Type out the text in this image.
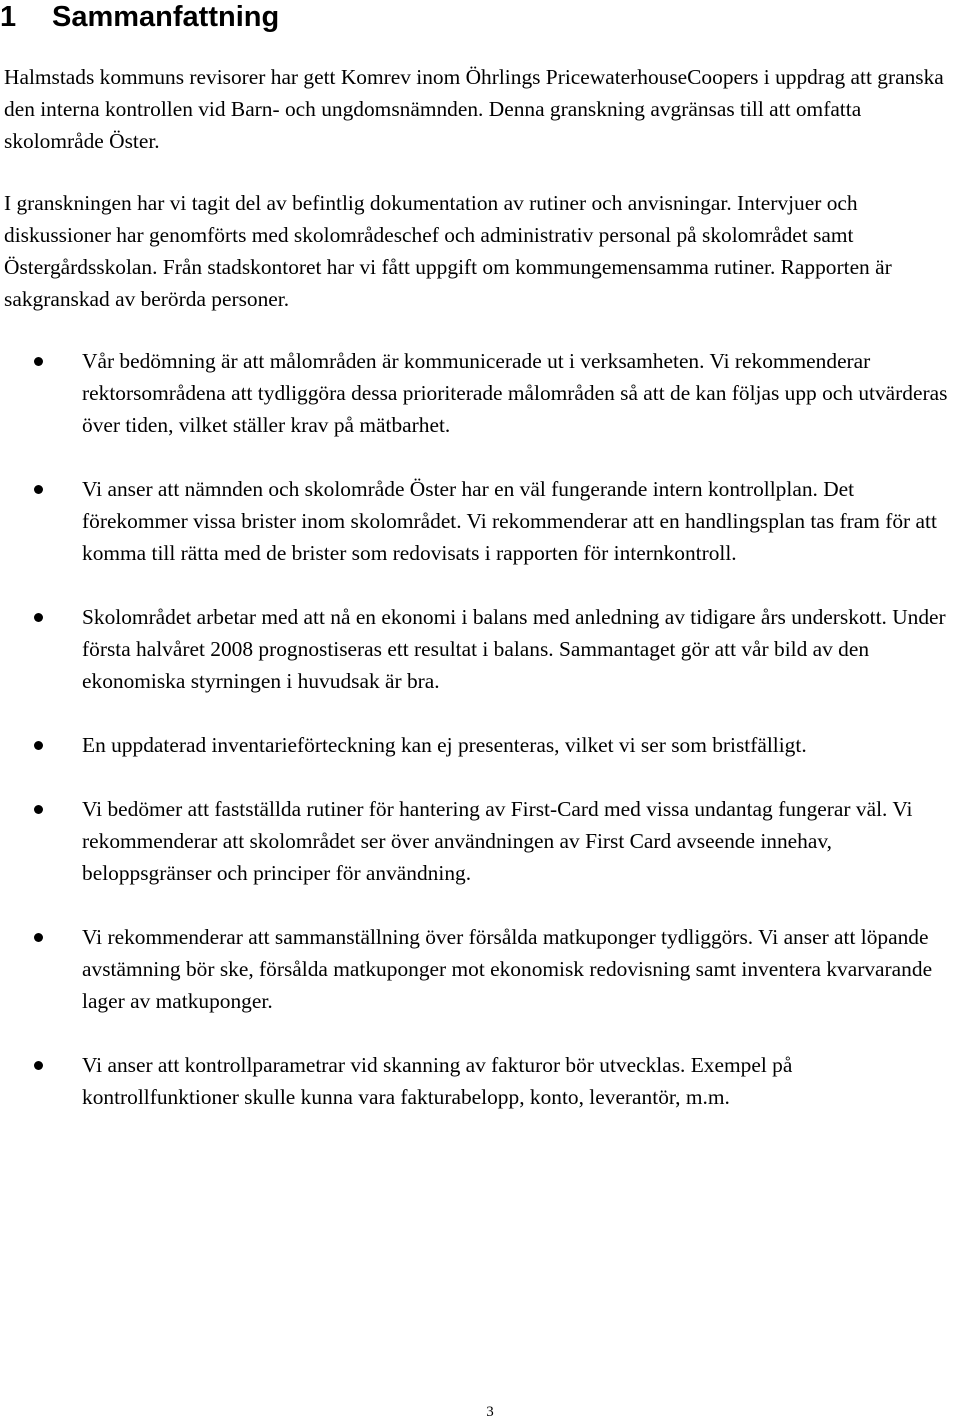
1 Sammanfattning

Halmstads kommuns revisorer har gett Komrev inom Öhrlings PricewaterhouseCoopers i uppdrag att granska den interna kontrollen vid Barn- och ungdomsnämnden. Denna granskning avgränsas till att omfatta skolområde Öster.

I granskningen har vi tagit del av befintlig dokumentation av rutiner och anvisningar. Intervjuer och diskussioner har genomförts med skolområdeschef och administrativ personal på skolområdet samt Östergårdsskolan. Från stadskontoret har vi fått uppgift om kommungemensamma rutiner. Rapporten är sakgranskad av berörda personer.

Vår bedömning är att målområden är kommunicerade ut i verksamheten. Vi rekommenderar rektorsområdena att tydliggöra dessa prioriterade målområden så att de kan följas upp och utvärderas över tiden, vilket ställer krav på mätbarhet.
Vi anser att nämnden och skolområde Öster har en väl fungerande intern kontrollplan. Det förekommer vissa brister inom skolområdet. Vi rekommenderar att en handlingsplan tas fram för att komma till rätta med de brister som redovisats i rapporten för internkontroll.
Skolområdet arbetar med att nå en ekonomi i balans med anledning av tidigare års underskott. Under första halvåret 2008 prognostiseras ett resultat i balans. Sammantaget gör att vår bild av den ekonomiska styrningen i huvudsak är bra.
En uppdaterad inventarieförteckning kan ej presenteras, vilket vi ser som bristfälligt.
Vi bedömer att fastställda rutiner för hantering av First-Card med vissa undantag fungerar väl. Vi rekommenderar att skolområdet ser över användningen av First Card avseende innehav, beloppsgränser och principer för användning.
Vi rekommenderar att sammanställning över försålda matkuponger tydliggörs. Vi anser att löpande avstämning bör ske, försålda matkuponger mot ekonomisk redovisning samt inventera kvarvarande lager av matkuponger.
Vi anser att kontrollparametrar vid skanning av fakturor bör utvecklas. Exempel på kontrollfunktioner skulle kunna vara fakturabelopp, konto, leverantör, m.m.
3
